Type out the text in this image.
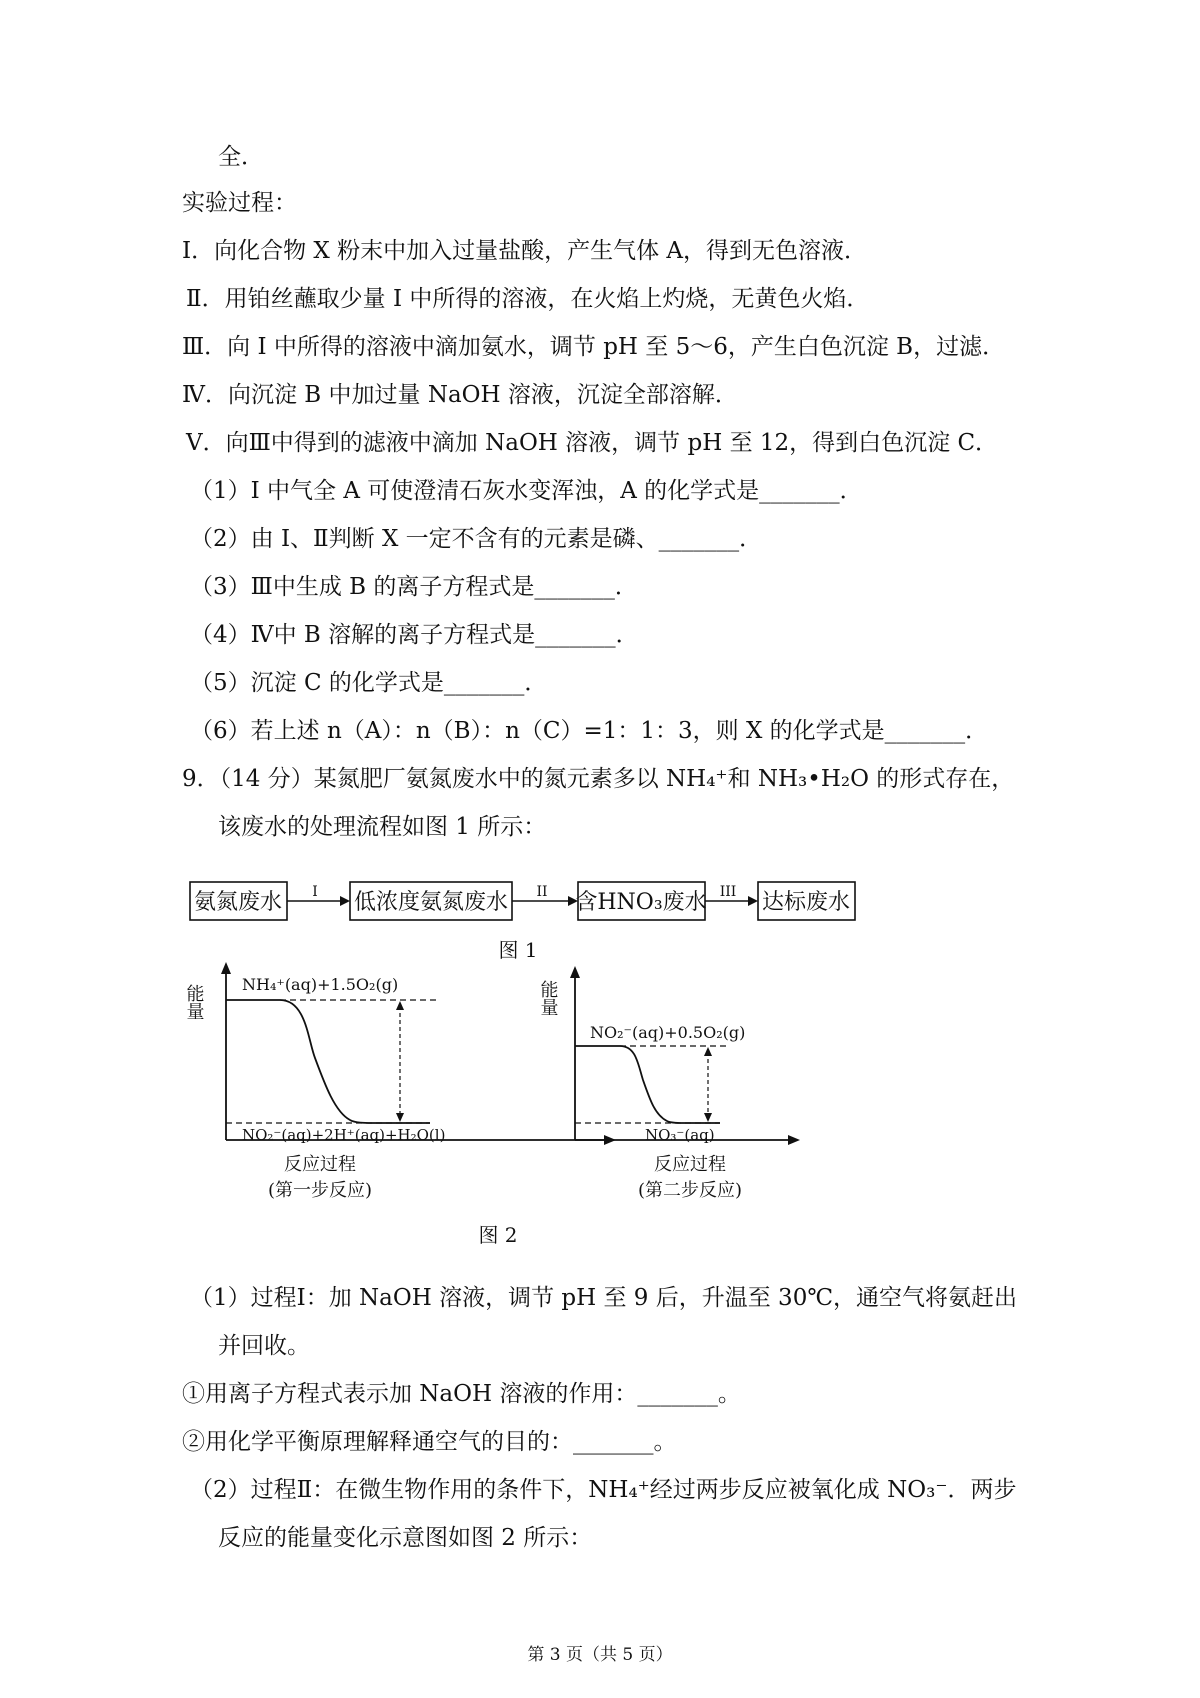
全．
实验过程：
I．向化合物 X 粉末中加入过量盐酸，产生气体 A，得到无色溶液．
Ⅱ．用铂丝蘸取少量 I 中所得的溶液，在火焰上灼烧，无黄色火焰．
Ⅲ．向 I 中所得的溶液中滴加氨水，调节 pH 至 5～6，产生白色沉淀 B，过滤．
Ⅳ．向沉淀 B 中加过量 NaOH 溶液，沉淀全部溶解．
Ⅴ．向Ⅲ中得到的滤液中滴加 NaOH 溶液，调节 pH 至 12，得到白色沉淀 C．
（1）I 中气全 A 可使澄清石灰水变浑浊，A 的化学式是_______．
（2）由 I、Ⅱ判断 X 一定不含有的元素是磷、_______．
（3）Ⅲ中生成 B 的离子方程式是_______．
（4）Ⅳ中 B 溶解的离子方程式是_______．
（5）沉淀 C 的化学式是_______．
（6）若上述 n（A）：n（B）：n（C）=1：1：3，则 X 的化学式是_______．
9．（14 分）某氮肥厂氨氮废水中的氮元素多以 NH₄⁺和 NH₃•H₂O 的形式存在，
该废水的处理流程如图 1 所示：
氨氮废水 I 低浓度氨氮废水 II 含HNO₃废水 III 达标废水
图 1
能量 NH₄⁺(aq)+1.5O₂(g)
NO₂⁻(aq)+2H⁺(aq)+H₂O(l)
反应过程
(第一步反应)
能量
NO₂⁻(aq)+0.5O₂(g)
NO₃⁻(aq)
反应过程
(第二步反应)
图 2
（1）过程Ⅰ：加 NaOH 溶液，调节 pH 至 9 后，升温至 30℃，通空气将氨赶出
并回收。
①用离子方程式表示加 NaOH 溶液的作用：_______。
②用化学平衡原理解释通空气的目的：_______。
（2）过程Ⅱ：在微生物作用的条件下，NH₄⁺经过两步反应被氧化成 NO₃⁻．两步
反应的能量变化示意图如图 2 所示：
第 3 页（共 5 页）
